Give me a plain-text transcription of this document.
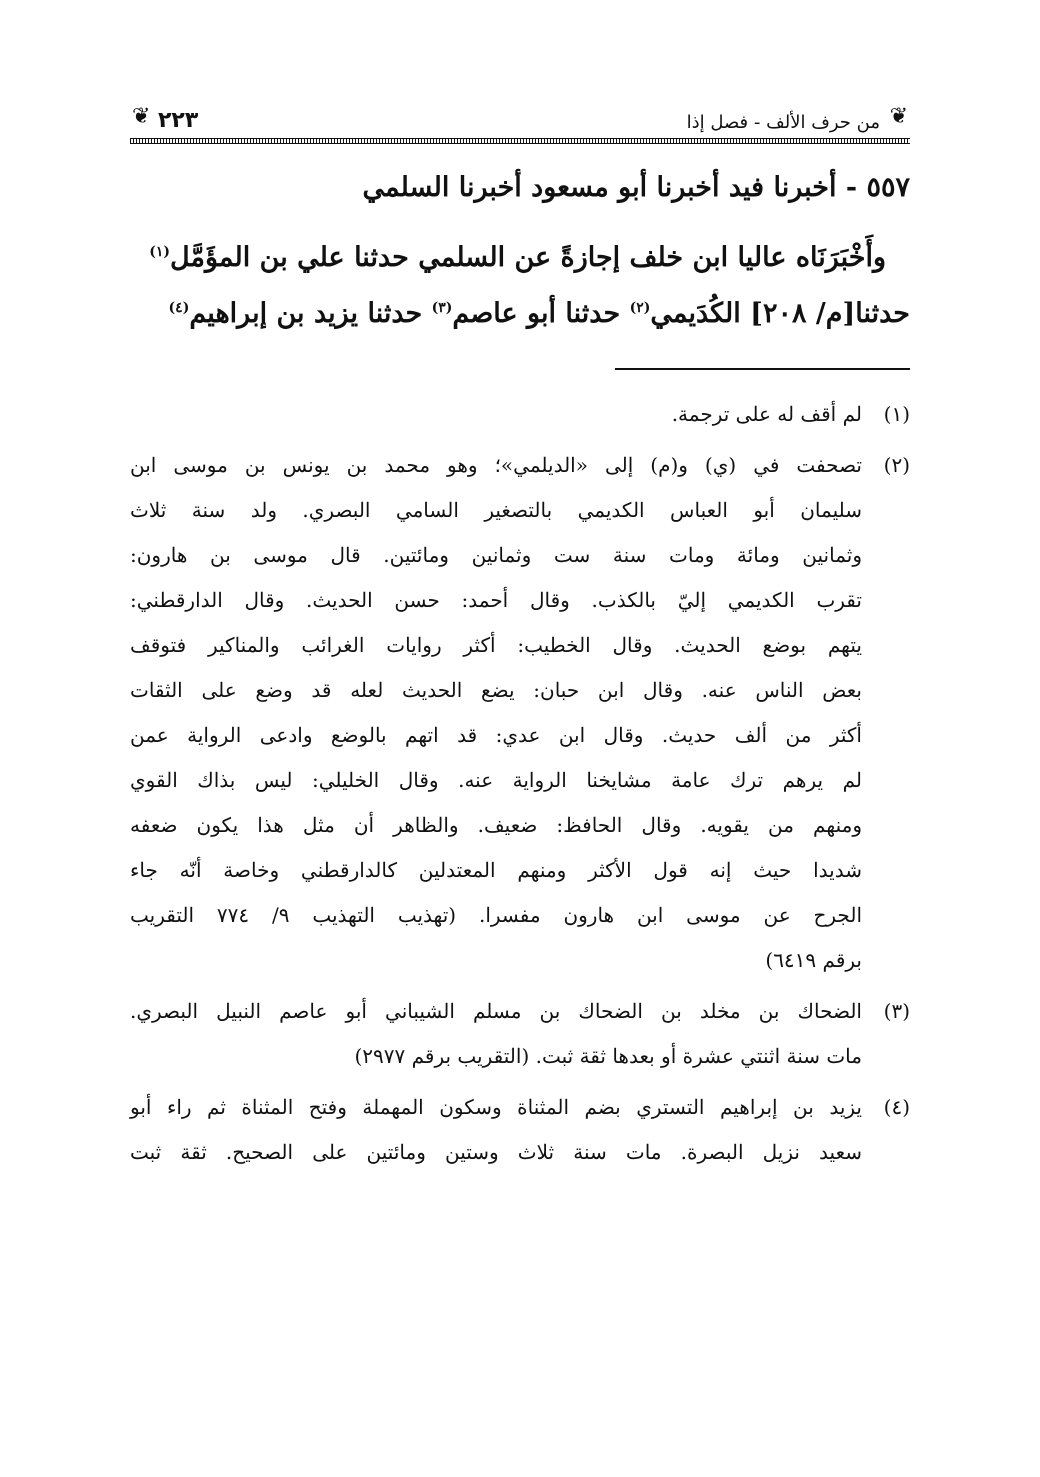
❦
من حرف الألف - فصل إذا
٢٢٣
❦
٥٥٧ - أخبرنا فيد أخبرنا أبو مسعود أخبرنا السلمي
وأَخْبَرَنَاه عاليا ابن خلف إجازةً عن السلمي حدثنا علي بن المؤَمَّل$^{(١)}$
حدثنا[م/ ٢٠٨] الكُدَيمي$^{(٢)}$ حدثنا أبو عاصم$^{(٣)}$ حدثنا يزيد بن إبراهيم$^{(٤)}$
(١)
لم أقف له على ترجمة.
(٢)
تصحفت في (ي) و(م) إلى «الديلمي»؛ وهو محمد بن يونس بن موسى ابن
سليمان أبو العباس الكديمي بالتصغير السامي البصري. ولد سنة ثلاث
وثمانين ومائة ومات سنة ست وثمانين ومائتين. قال موسى بن هارون:
تقرب الكديمي إليّ بالكذب. وقال أحمد: حسن الحديث. وقال الدارقطني:
يتهم بوضع الحديث. وقال الخطيب: أكثر روايات الغرائب والمناكير فتوقف
بعض الناس عنه. وقال ابن حبان: يضع الحديث لعله قد وضع على الثقات
أكثر من ألف حديث. وقال ابن عدي: قد اتهم بالوضع وادعى الرواية عمن
لم يرهم ترك عامة مشايخنا الرواية عنه. وقال الخليلي: ليس بذاك القوي
ومنهم من يقويه. وقال الحافظ: ضعيف. والظاهر أن مثل هذا يكون ضعفه
شديدا حيث إنه قول الأكثر ومنهم المعتدلين كالدارقطني وخاصة أنّه جاء
الجرح عن موسى ابن هارون مفسرا. (تهذيب التهذيب ٩/ ٧٧٤ التقريب
برقم ٦٤١٩)
(٣)
الضحاك بن مخلد بن الضحاك بن مسلم الشيباني أبو عاصم النبيل البصري.
مات سنة اثنتي عشرة أو بعدها ثقة ثبت. (التقريب برقم ٢٩٧٧)
(٤)
يزيد بن إبراهيم التستري بضم المثناة وسكون المهملة وفتح المثناة ثم راء أبو
سعيد نزيل البصرة. مات سنة ثلاث وستين ومائتين على الصحيح. ثقة ثبت
